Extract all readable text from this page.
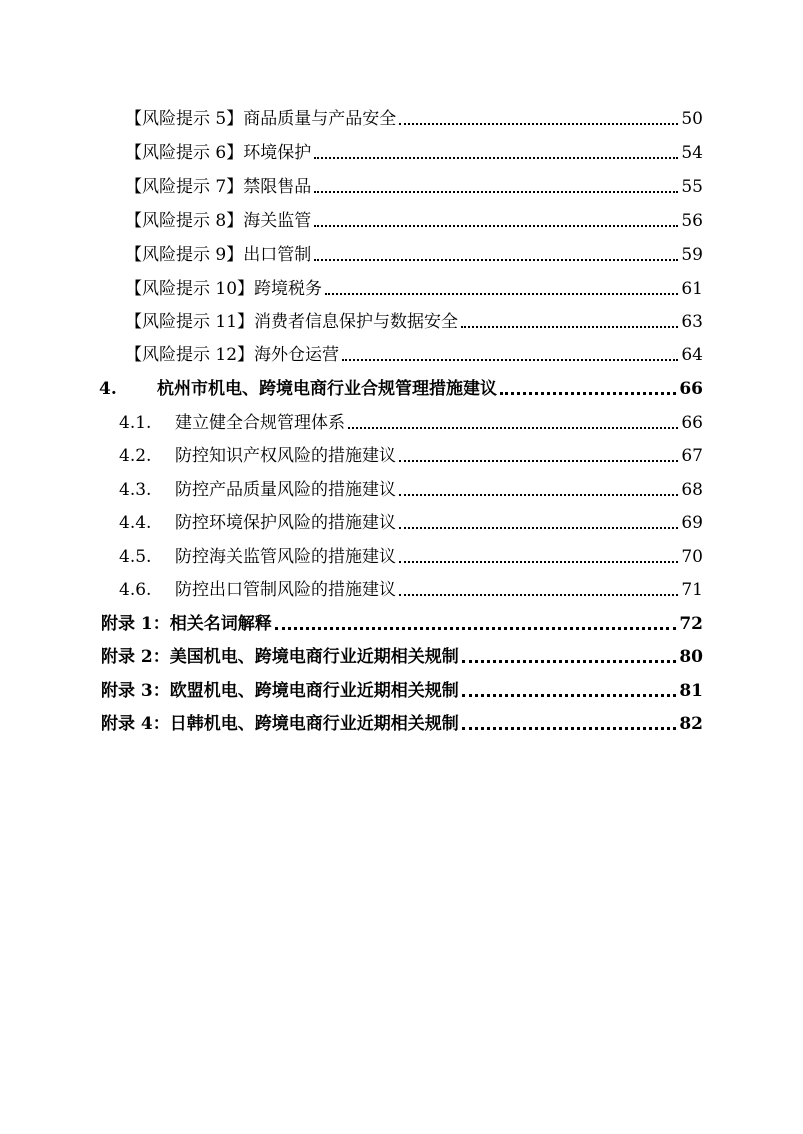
【风险提示 5】商品质量与产品安全	50
【风险提示 6】环境保护	54
【风险提示 7】禁限售品	55
【风险提示 8】海关监管	56
【风险提示 9】出口管制	59
【风险提示 10】跨境税务	61
【风险提示 11】消费者信息保护与数据安全	63
【风险提示 12】海外仓运营	64
4.	杭州市机电、跨境电商行业合规管理措施建议	66
4.1.	建立健全合规管理体系	66
4.2.	防控知识产权风险的措施建议	67
4.3.	防控产品质量风险的措施建议	68
4.4.	防控环境保护风险的措施建议	69
4.5.	防控海关监管风险的措施建议	70
4.6.	防控出口管制风险的措施建议	71
附录 1：相关名词解释	72
附录 2：美国机电、跨境电商行业近期相关规制	80
附录 3：欧盟机电、跨境电商行业近期相关规制	81
附录 4：日韩机电、跨境电商行业近期相关规制	82
